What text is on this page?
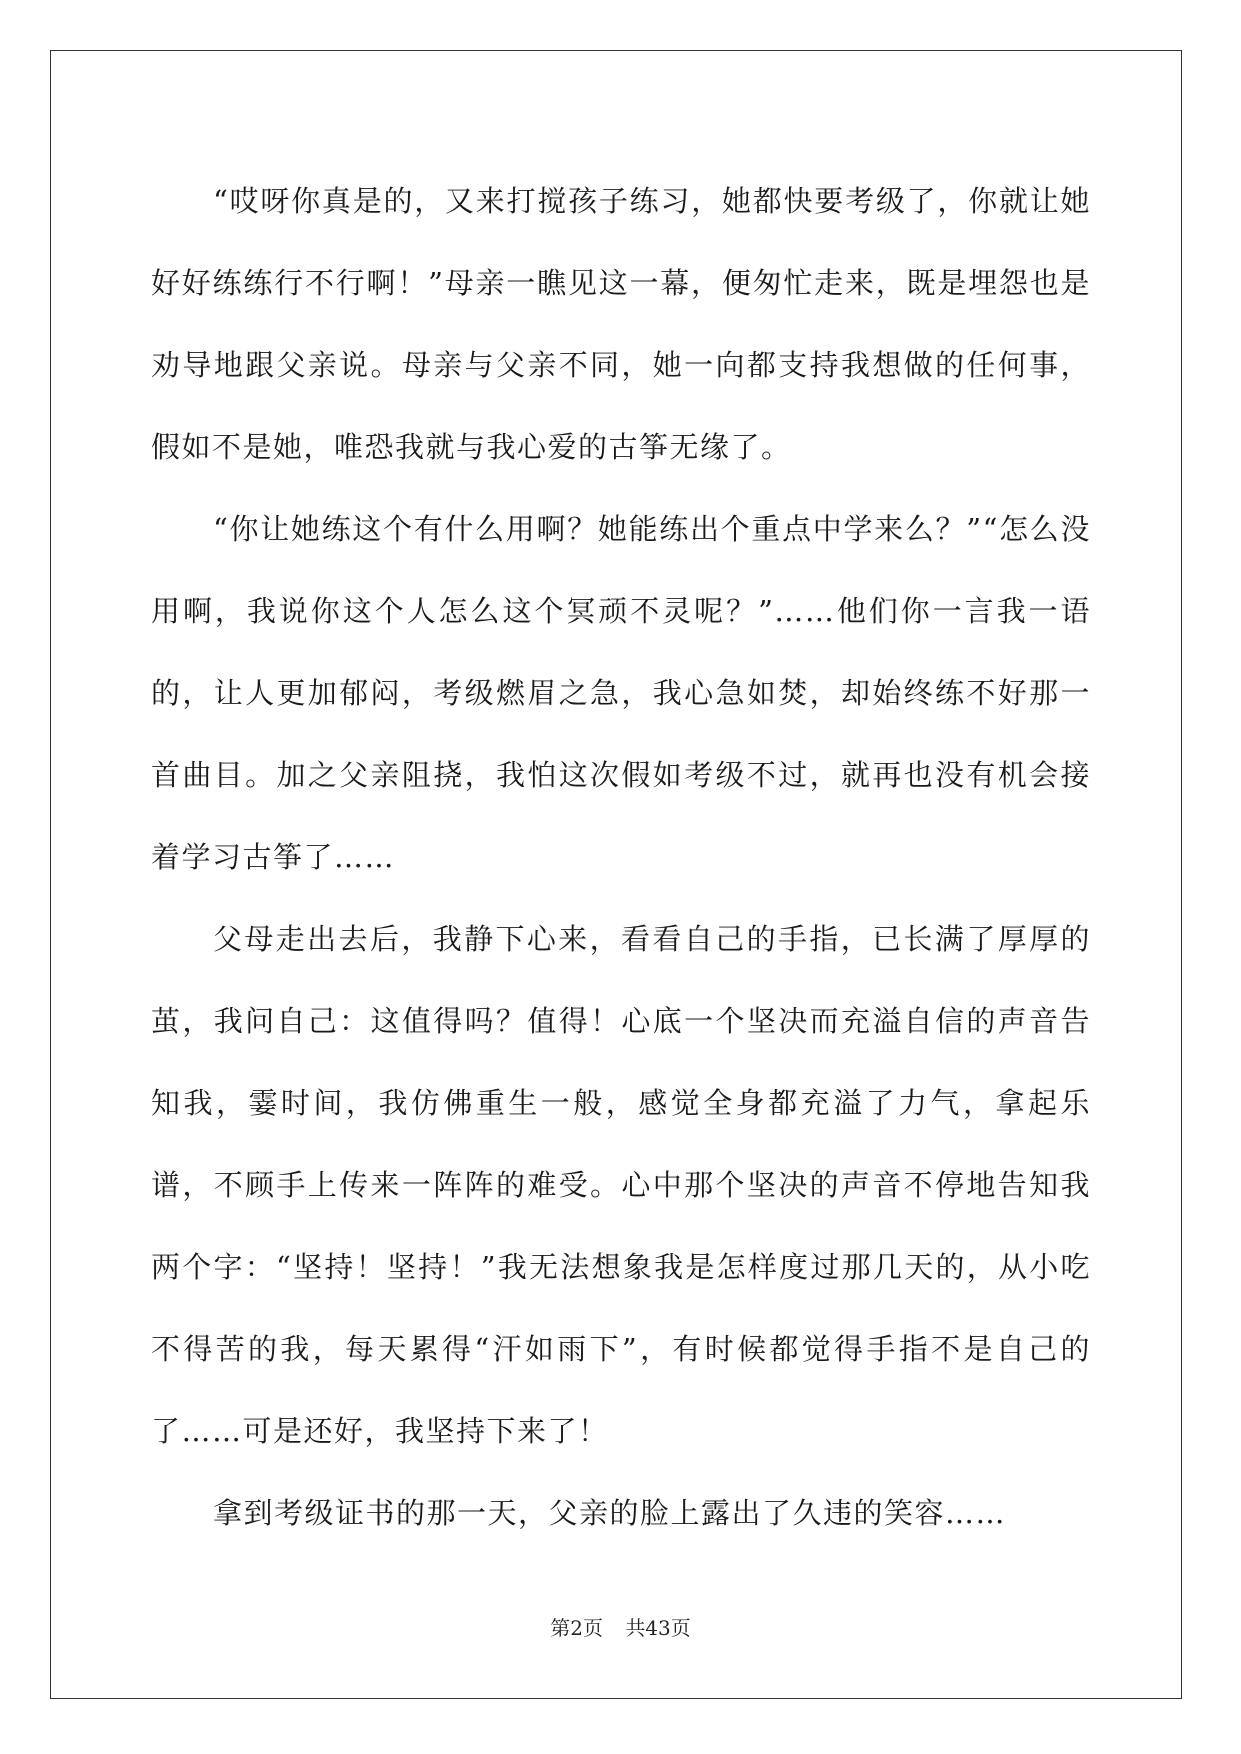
“哎呀你真是的，又来打搅孩子练习，她都快要考级了，你就让她好好练练行不行啊！”母亲一瞧见这一幕，便匆忙走来，既是埋怨也是劝导地跟父亲说。母亲与父亲不同，她一向都支持我想做的任何事，假如不是她，唯恐我就与我心爱的古筝无缘了。

“你让她练这个有什么用啊？她能练出个重点中学来么？”“怎么没用啊，我说你这个人怎么这个冥顽不灵呢？”……他们你一言我一语的，让人更加郁闷，考级燃眉之急，我心急如焚，却始终练不好那一首曲目。加之父亲阻挠，我怕这次假如考级不过，就再也没有机会接着学习古筝了……

父母走出去后，我静下心来，看看自己的手指，已长满了厚厚的茧，我问自己：这值得吗？值得！心底一个坚决而充溢自信的声音告知我，霎时间，我仿佛重生一般，感觉全身都充溢了力气，拿起乐谱，不顾手上传来一阵阵的难受。心中那个坚决的声音不停地告知我两个字：“坚持！坚持！”我无法想象我是怎样度过那几天的，从小吃不得苦的我，每天累得“汗如雨下”，有时候都觉得手指不是自己的了……可是还好，我坚持下来了！

拿到考级证书的那一天，父亲的脸上露出了久违的笑容……

第2页 共43页
